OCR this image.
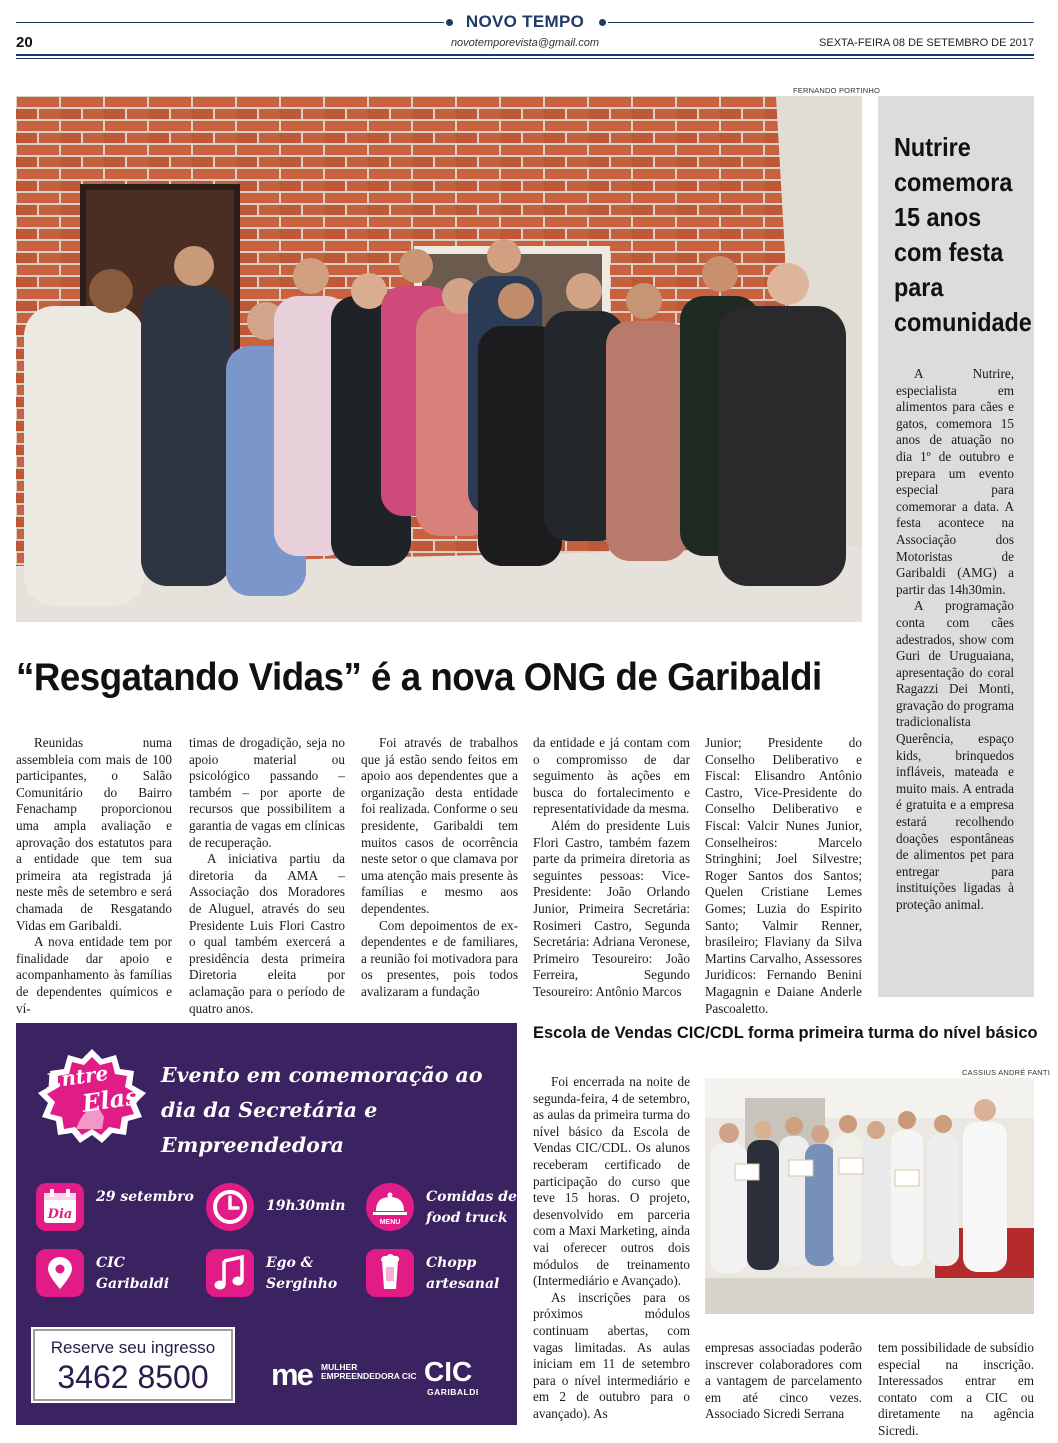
NOVO TEMPO
novotemporevista@gmail.com
20	SEXTA-FEIRA 08 DE SETEMBRO DE 2017
FERNANDO PORTINHO
“Resgatando Vidas” é a nova ONG de Garibaldi

Reunidas numa assembleia com mais de 100 participantes, o Salão Comunitário do Bairro Fenachamp proporcionou uma ampla avaliação e aprovação dos estatutos para a entidade que tem sua primeira ata registrada já neste mês de setembro e será chamada de Resgatando Vidas em Garibaldi.

A nova entidade tem por finalidade dar apoio e acompanhamento às famílias de dependentes químicos e ví-

timas de drogadição, seja no apoio material ou psicológico passando – também – por aporte de recursos que possibilitem a garantia de vagas em clínicas de recuperação.

A iniciativa partiu da diretoria da AMA – Associação dos Moradores de Aluguel, através do seu Presidente Luis Flori Castro o qual também exercerá a presidência desta primeira Diretoria eleita por aclamação para o período de quatro anos.

Foi através de trabalhos que já estão sendo feitos em apoio aos dependentes que a organização desta entidade foi realizada. Conforme o seu presidente, Garibaldi tem muitos casos de ocorrência neste setor o que clamava por uma atenção mais presente às famílias e mesmo aos dependentes.

Com depoimentos de ex-dependentes e de familiares, a reunião foi motivadora para os presentes, pois todos avalizaram a fundação

da entidade e já contam com o compromisso de dar seguimento às ações em busca do fortalecimento e representatividade da mesma.

Além do presidente Luis Flori Castro, também fazem parte da primeira diretoria as seguintes pessoas: Vice-Presidente: João Orlando Junior, Primeira Secretária: Rosimeri Castro, Segunda Secretária: Adriana Veronese, Primeiro Tesoureiro: João Ferreira, Segundo Tesoureiro: Antônio Marcos

Junior; Presidente do Conselho Deliberativo e Fiscal: Elisandro Antônio Castro, Vice-Presidente do Conselho Deliberativo e Fiscal: Valcir Nunes Junior, Conselheiros: Marcelo Stringhini; Joel Silvestre; Roger Santos dos Santos; Quelen Cristiane Lemes Gomes; Luzia do Espirito Santo; Valmir Renner, brasileiro; Flaviany da Silva Martins Carvalho, Assessores Juridicos: Fernando Benini Magagnin e Daiane Anderle Pascoaletto.

Nutrire comemora 15 anos com festa para comunidade

A Nutrire, especialista em alimentos para cães e gatos, comemora 15 anos de atuação no dia 1º de outubro e prepara um evento especial para comemorar a data. A festa acontece na Associação dos Motoristas de Garibaldi (AMG) a partir das 14h30min.

A programação conta com cães adestrados, show com Guri de Uruguaiana, apresentação do coral Ragazzi Dei Monti, gravação do programa tradicionalista Querência, espaço kids, brinquedos infláveis, mateada e muito mais. A entrada é gratuita e a empresa estará recolhendo doações espontâneas de alimentos pet para entregar para instituições ligadas à proteção animal.

Entre
Elas
Evento em comemoração ao dia da Secretária e Empreendedora
Dia
29 setembro
19h30min
MENU
Comidas de food truck
CIC Garibaldi
Ego & Serginho
Chopp artesanal
Reserve seu ingresso
3462 8500	me MULHER EMPREENDEDORA CIC CIC
GARIBALDI
Escola de Vendas CIC/CDL forma primeira turma do nível básico
CASSIUS ANDRÉ FANTI

Foi encerrada na noite de segunda-feira, 4 de setembro, as aulas da primeira turma do nível básico da Escola de Vendas CIC/CDL. Os alunos receberam certificado de participação do curso que teve 15 horas. O projeto, desenvolvido em parceria com a Maxi Marketing, ainda vai oferecer outros dois módulos de treinamento (Intermediário e Avançado).

As inscrições para os próximos módulos continuam abertas, com vagas limitadas. As aulas iniciam em 11 de setembro para o nível intermediário e em 2 de outubro para o avançado). As

empresas associadas poderão inscrever colaboradores com a vantagem de parcelamento em até cinco vezes. Associado Sicredi Serrana

tem possibilidade de subsídio especial na inscrição. Interessados entrar em contato com a CIC ou diretamente na agência Sicredi.
